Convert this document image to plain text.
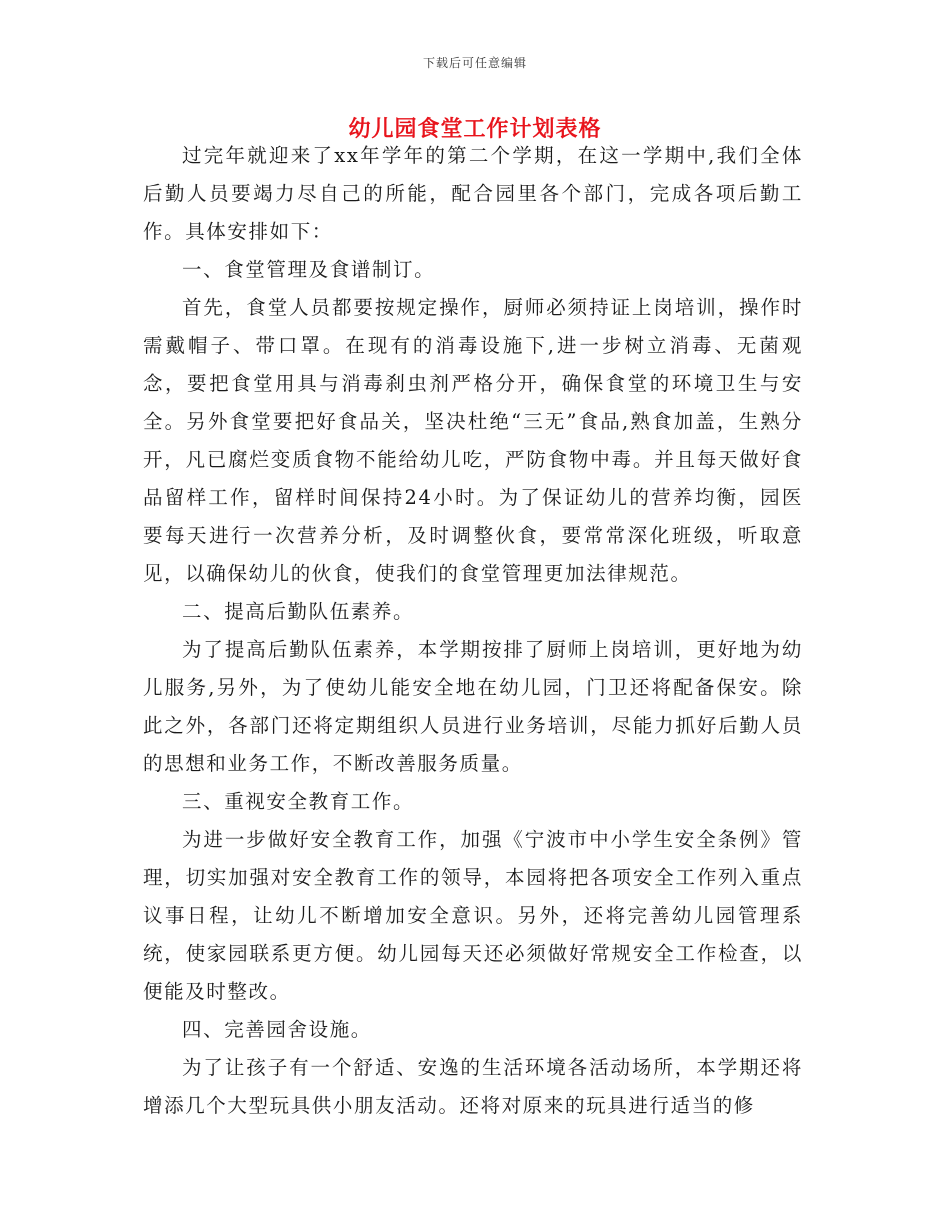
下载后可任意编辑
幼儿园食堂工作计划表格

过完年就迎来了xx年学年的第二个学期，在这一学期中,我们全体后勤人员要竭力尽自己的所能，配合园里各个部门，完成各项后勤工作。具体安排如下：

一、食堂管理及食谱制订。

首先，食堂人员都要按规定操作，厨师必须持证上岗培训，操作时需戴帽子、带口罩。在现有的消毒设施下,进一步树立消毒、无菌观念，要把食堂用具与消毒刹虫剂严格分开，确保食堂的环境卫生与安全。另外食堂要把好食品关，坚决杜绝“三无”食品,熟食加盖，生熟分开，凡已腐烂变质食物不能给幼儿吃，严防食物中毒。并且每天做好食品留样工作，留样时间保持24小时。为了保证幼儿的营养均衡，园医要每天进行一次营养分析，及时调整伙食，要常常深化班级，听取意见，以确保幼儿的伙食，使我们的食堂管理更加法律规范。

二、提高后勤队伍素养。

为了提高后勤队伍素养，本学期按排了厨师上岗培训，更好地为幼儿服务,另外，为了使幼儿能安全地在幼儿园，门卫还将配备保安。除此之外，各部门还将定期组织人员进行业务培训，尽能力抓好后勤人员的思想和业务工作，不断改善服务质量。

三、重视安全教育工作。

为进一步做好安全教育工作，加强《宁波市中小学生安全条例》管理，切实加强对安全教育工作的领导，本园将把各项安全工作列入重点议事日程，让幼儿不断增加安全意识。另外，还将完善幼儿园管理系统，使家园联系更方便。幼儿园每天还必须做好常规安全工作检查，以便能及时整改。

四、完善园舍设施。

为了让孩子有一个舒适、安逸的生活环境各活动场所，本学期还将增添几个大型玩具供小朋友活动。还将对原来的玩具进行适当的修
